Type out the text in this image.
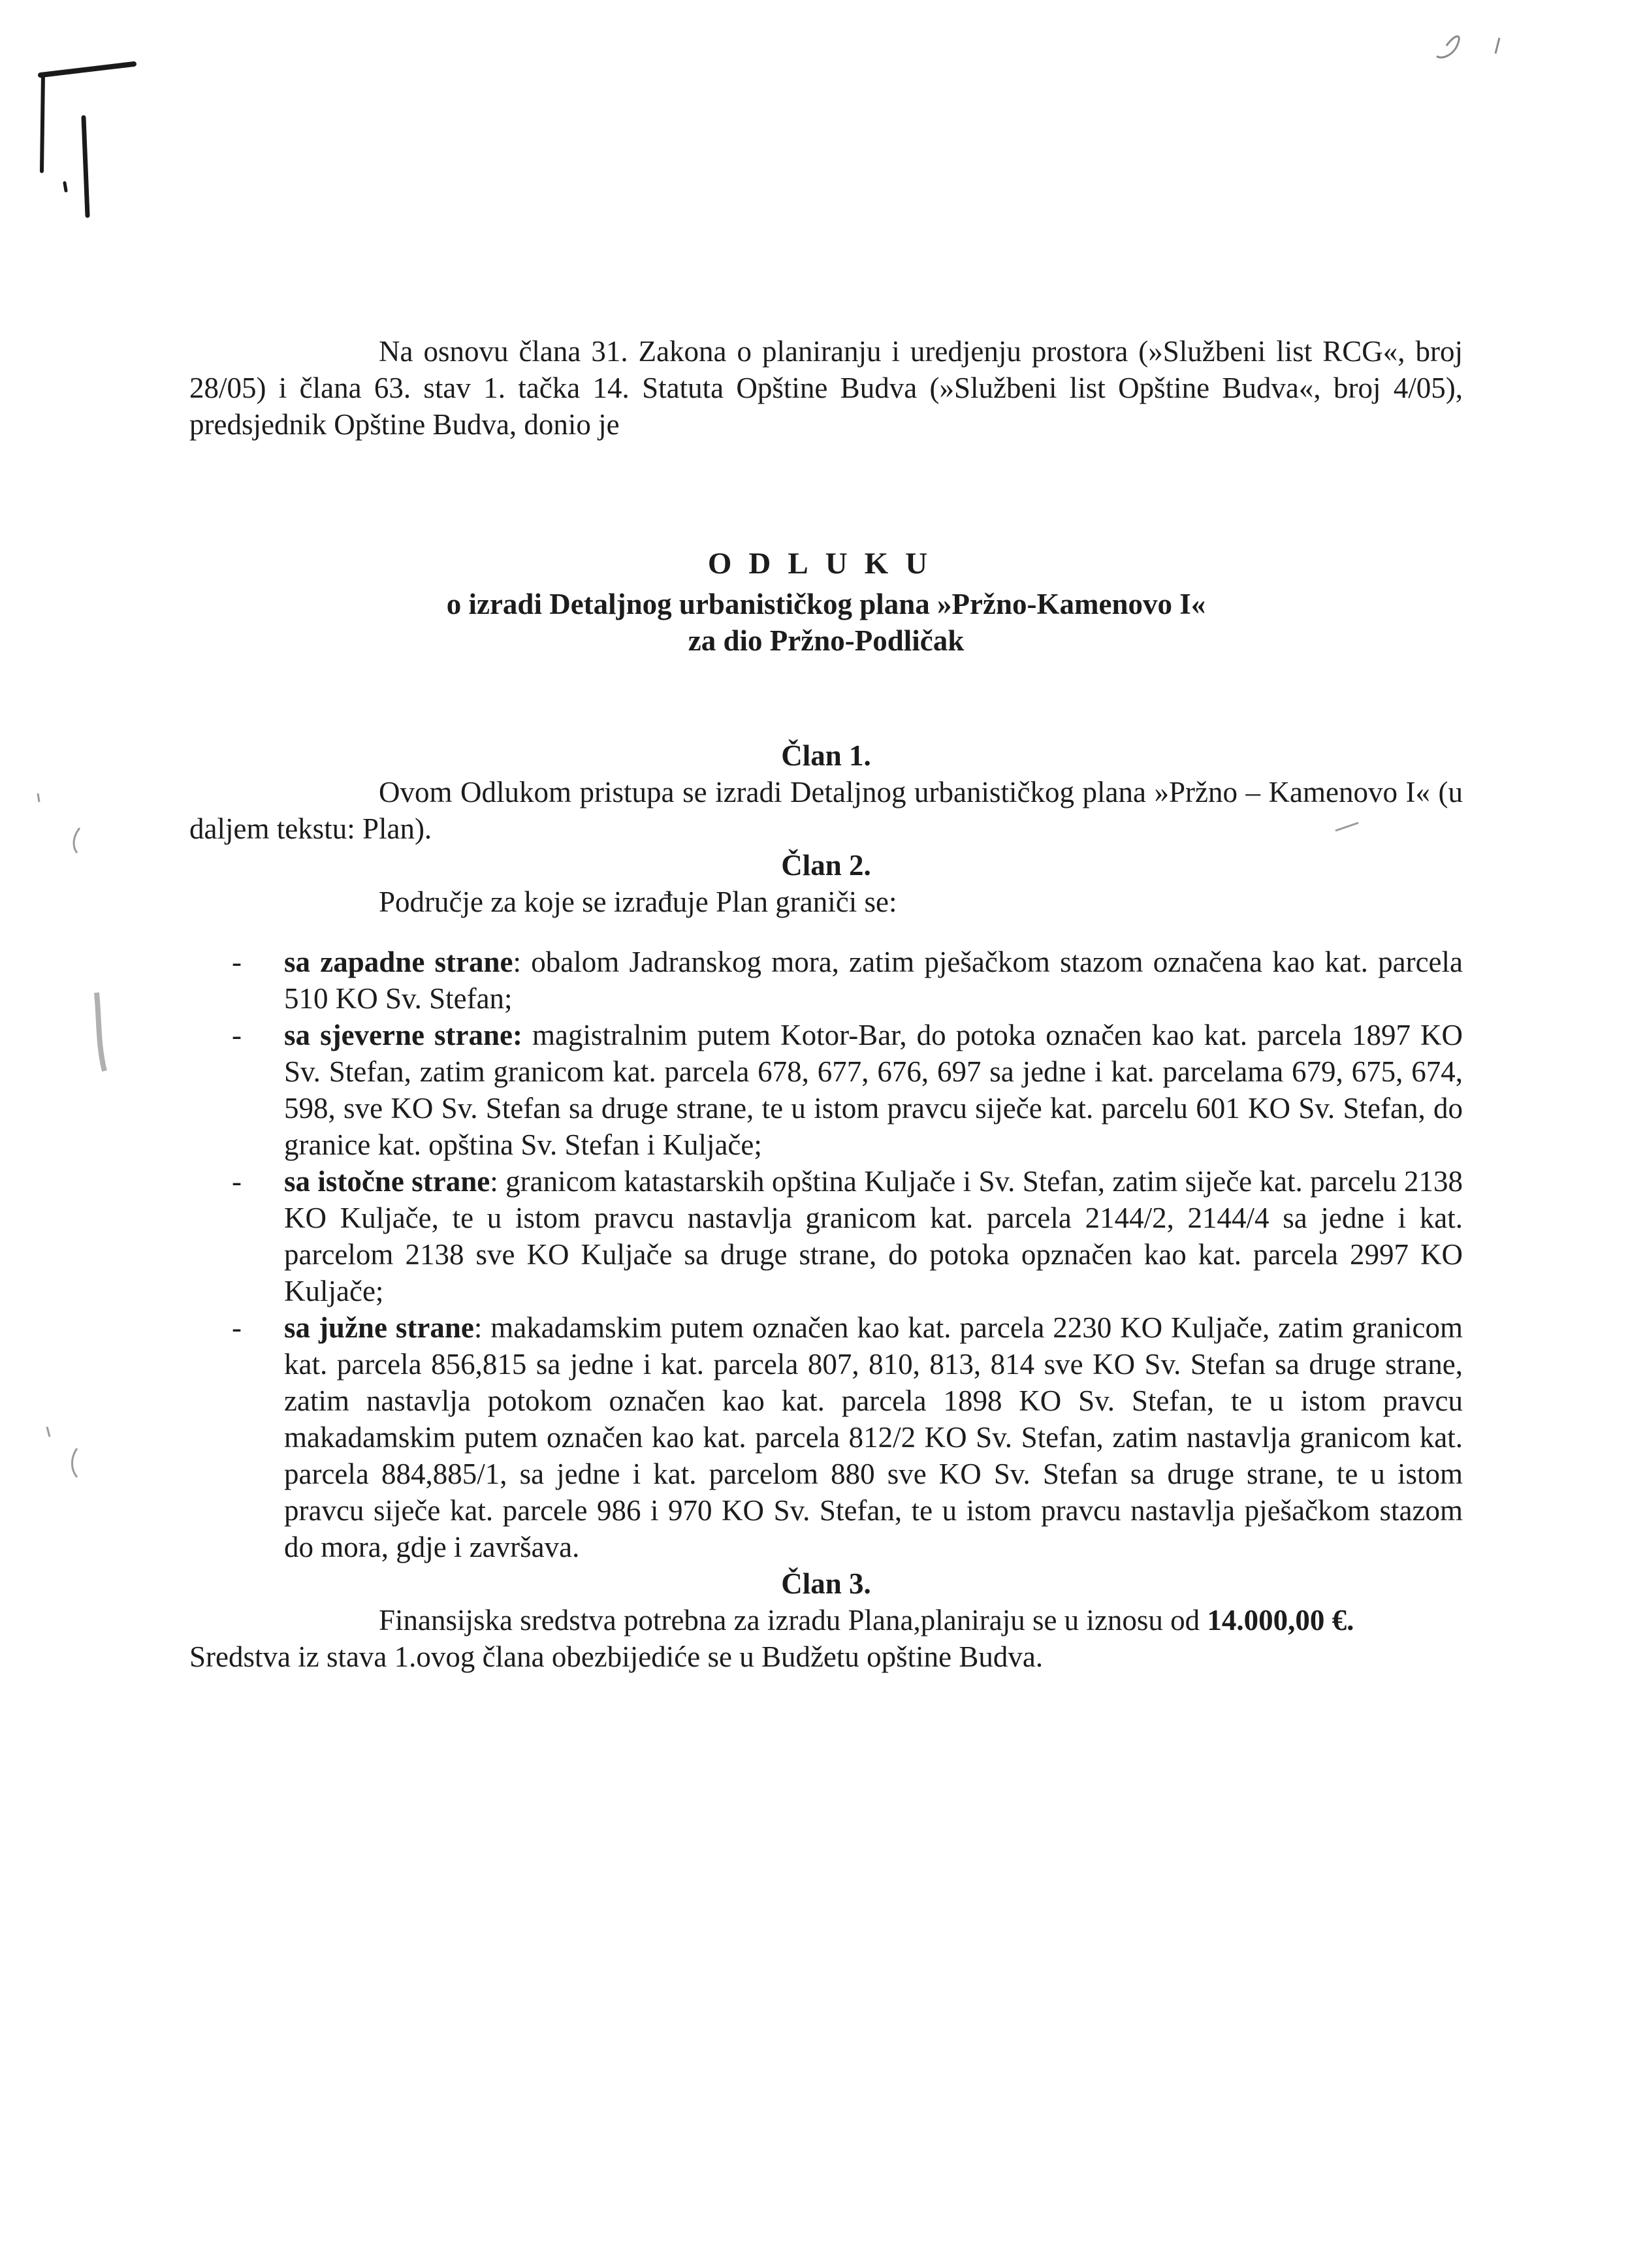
Na osnovu člana 31. Zakona o planiranju i uredjenju prostora (»Službeni list RCG«, broj 28/05) i člana 63. stav 1. tačka 14. Statuta Opštine Budva (»Službeni list Opštine Budva«, broj 4/05), predsjednik Opštine Budva, donio je

ODLUKU
o izradi Detaljnog urbanističkog plana »Pržno-Kamenovo I«
za dio Pržno-Podličak

Član 1.

Ovom Odlukom pristupa se izradi Detaljnog urbanističkog plana »Pržno – Kamenovo I« (u daljem tekstu: Plan).

Član 2.

Područje za koje se izrađuje Plan graniči se:

- sa zapadne strane: obalom Jadranskog mora, zatim pješačkom stazom označena kao kat. parcela 510 KO Sv. Stefan;
- sa sjeverne strane: magistralnim putem Kotor-Bar, do potoka označen kao kat. parcela 1897 KO Sv. Stefan, zatim granicom kat. parcela 678, 677, 676, 697 sa jedne i kat. parcelama 679, 675, 674, 598, sve KO Sv. Stefan sa druge strane, te u istom pravcu siječe kat. parcelu 601 KO Sv. Stefan, do granice kat. opština Sv. Stefan i Kuljače;
- sa istočne strane: granicom katastarskih opština Kuljače i Sv. Stefan, zatim siječe kat. parcelu 2138 KO Kuljače, te u istom pravcu nastavlja granicom kat. parcela 2144/2, 2144/4 sa jedne i kat. parcelom 2138 sve KO Kuljače sa druge strane, do potoka opznačen kao kat. parcela 2997 KO Kuljače;
- sa južne strane: makadamskim putem označen kao kat. parcela 2230 KO Kuljače, zatim granicom kat. parcela 856,815 sa jedne i kat. parcela 807, 810, 813, 814 sve KO Sv. Stefan sa druge strane, zatim nastavlja potokom označen kao kat. parcela 1898 KO Sv. Stefan, te u istom pravcu makadamskim putem označen kao kat. parcela 812/2 KO Sv. Stefan, zatim nastavlja granicom kat. parcela 884,885/1, sa jedne i kat. parcelom 880 sve KO Sv. Stefan sa druge strane, te u istom pravcu siječe kat. parcele 986 i 970 KO Sv. Stefan, te u istom pravcu nastavlja pješačkom stazom do mora, gdje i završava.

Član 3.

Finansijska sredstva potrebna za izradu Plana,planiraju se u iznosu od 14.000,00 €.

Sredstva iz stava 1.ovog člana obezbijediće se u Budžetu opštine Budva.
